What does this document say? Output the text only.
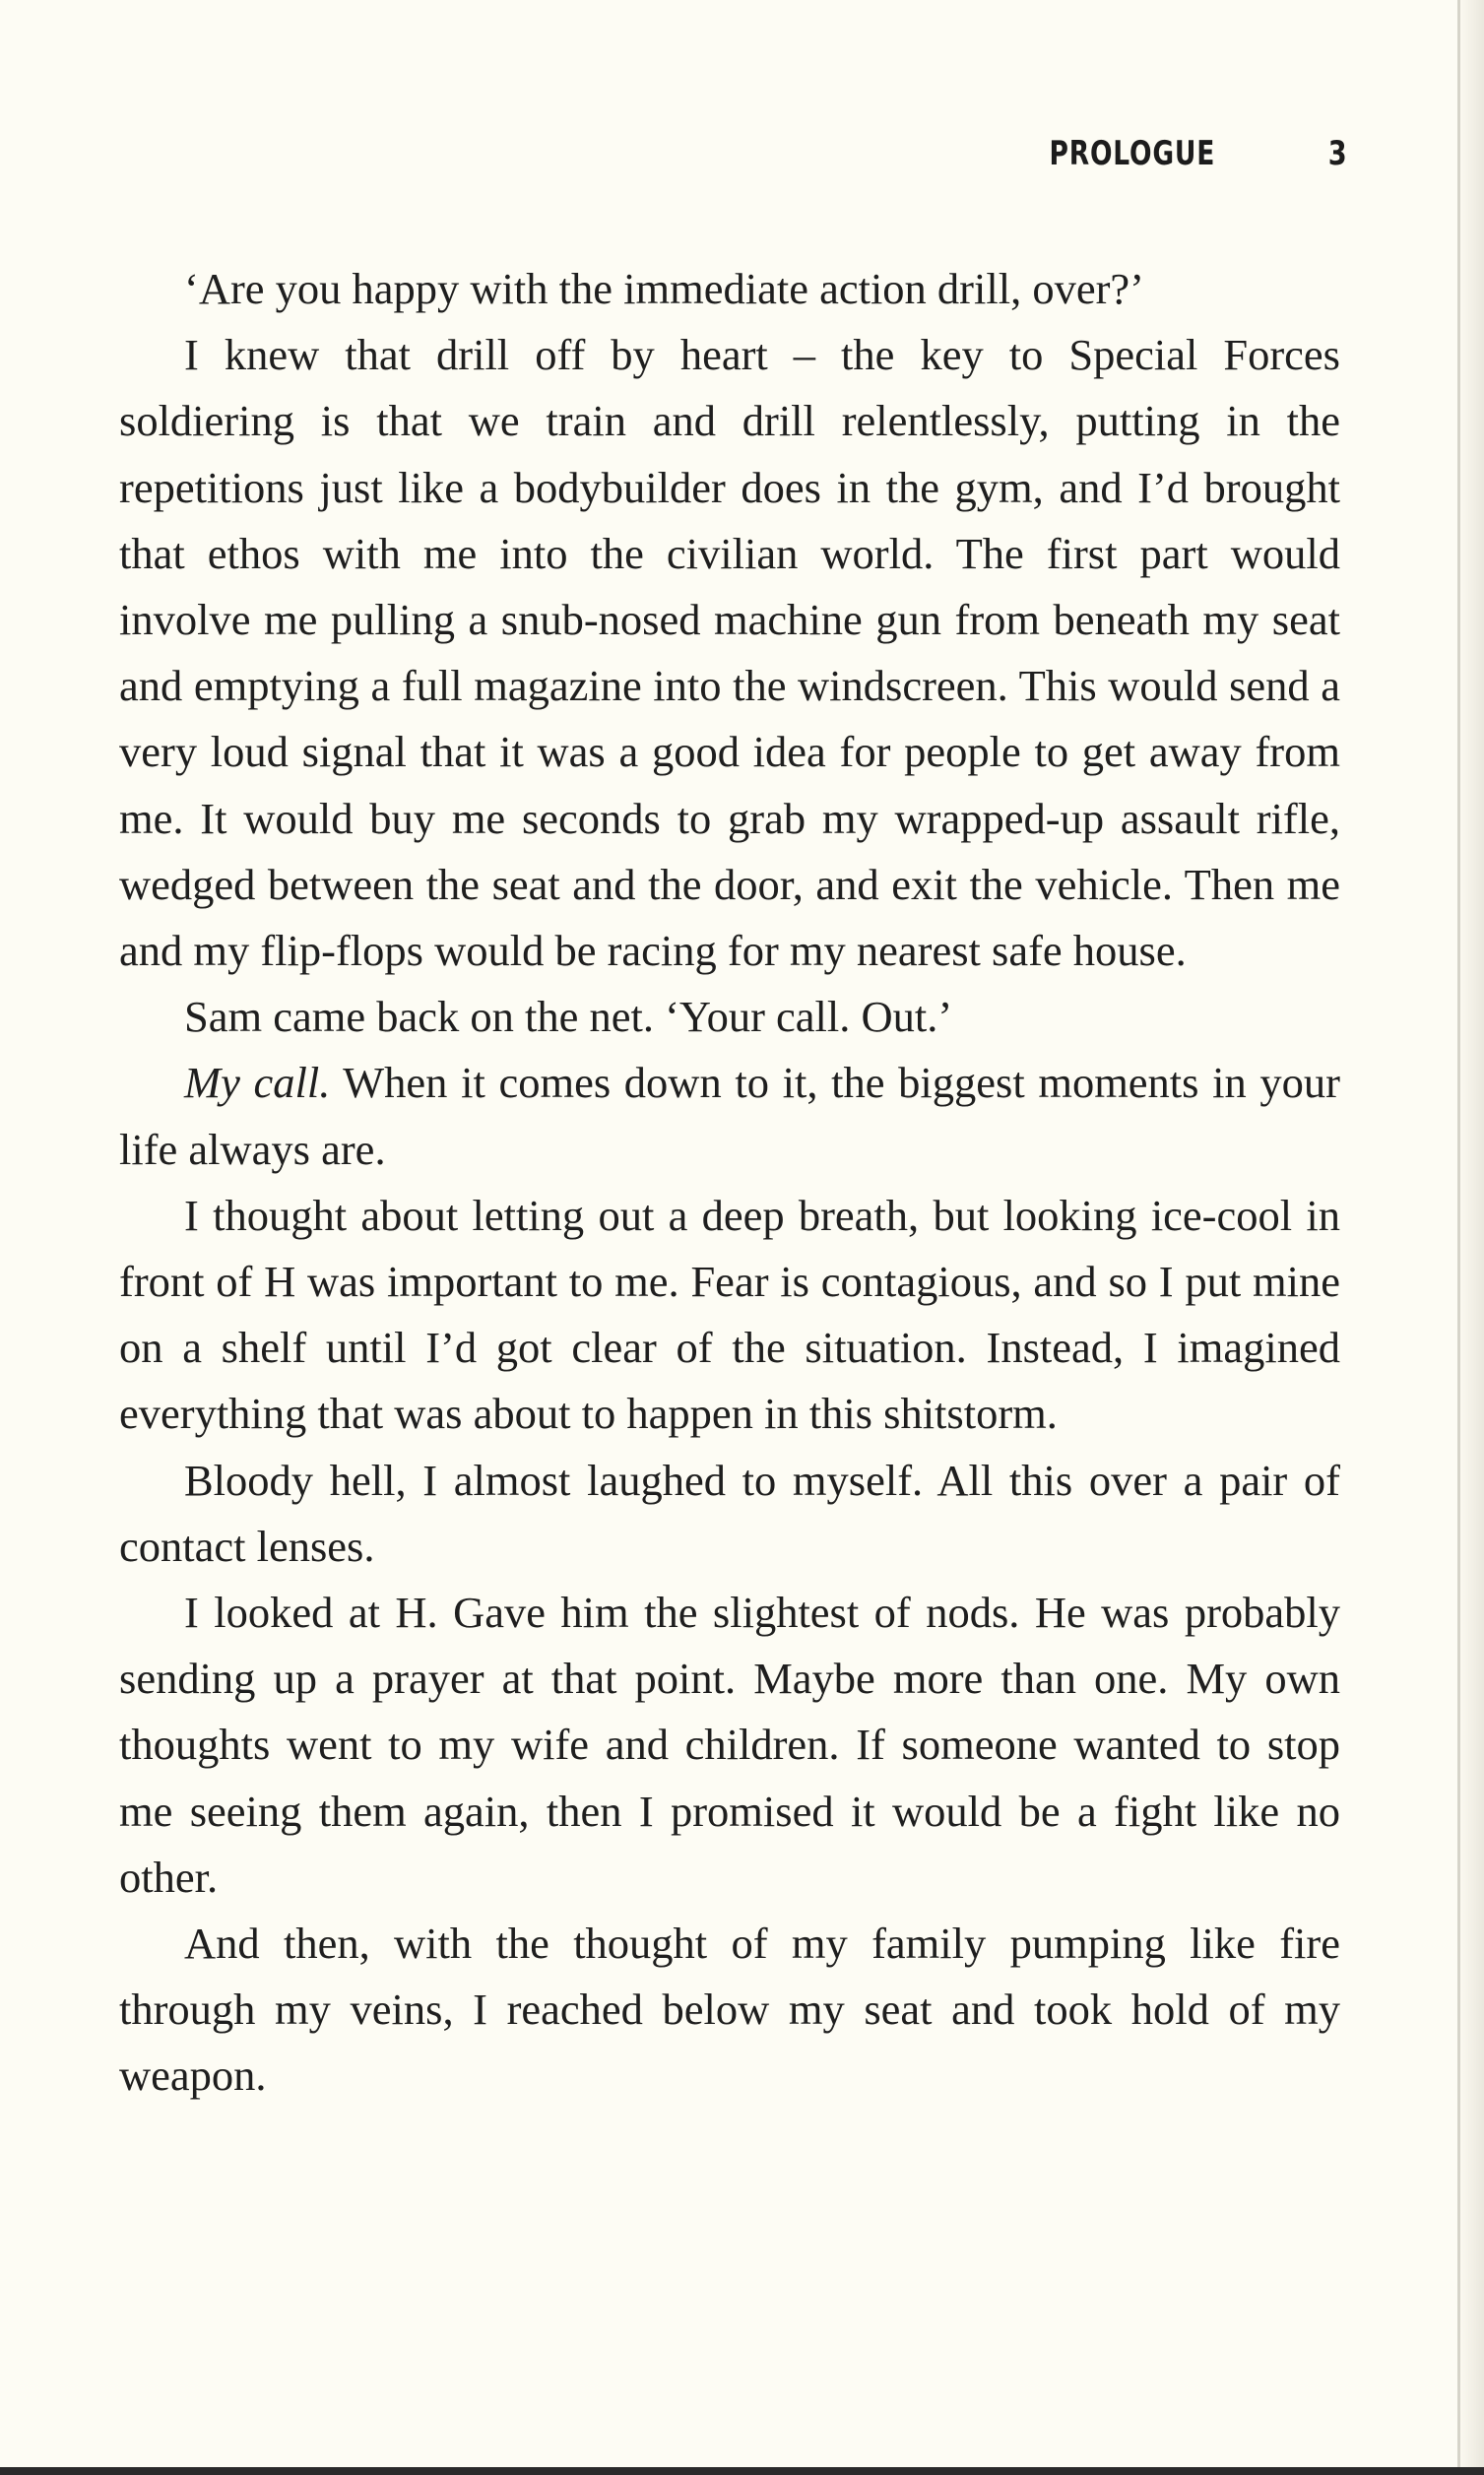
PROLOGUE	3

‘Are you happy with the immediate action drill, over?’

I knew that drill off by heart – the key to Special Forces soldiering is that we train and drill relentlessly, putting in the repetitions just like a bodybuilder does in the gym, and I’d brought that ethos with me into the civilian world. The first part would involve me pulling a snub-nosed machine gun from beneath my seat and emptying a full magazine into the windscreen. This would send a very loud signal that it was a good idea for people to get away from me. It would buy me seconds to grab my wrapped-up assault rifle, wedged between the seat and the door, and exit the vehicle. Then me and my flip-flops would be racing for my nearest safe house.

Sam came back on the net. ‘Your call. Out.’

My call. When it comes down to it, the biggest moments in your life always are.

I thought about letting out a deep breath, but looking ice-cool in front of H was important to me. Fear is contagious, and so I put mine on a shelf until I’d got clear of the situation. Instead, I imagined everything that was about to happen in this shitstorm.

Bloody hell, I almost laughed to myself. All this over a pair of contact lenses.

I looked at H. Gave him the slightest of nods. He was probably sending up a prayer at that point. Maybe more than one. My own thoughts went to my wife and children. If someone wanted to stop me seeing them again, then I promised it would be a fight like no other.

And then, with the thought of my family pumping like fire through my veins, I reached below my seat and took hold of my weapon.
